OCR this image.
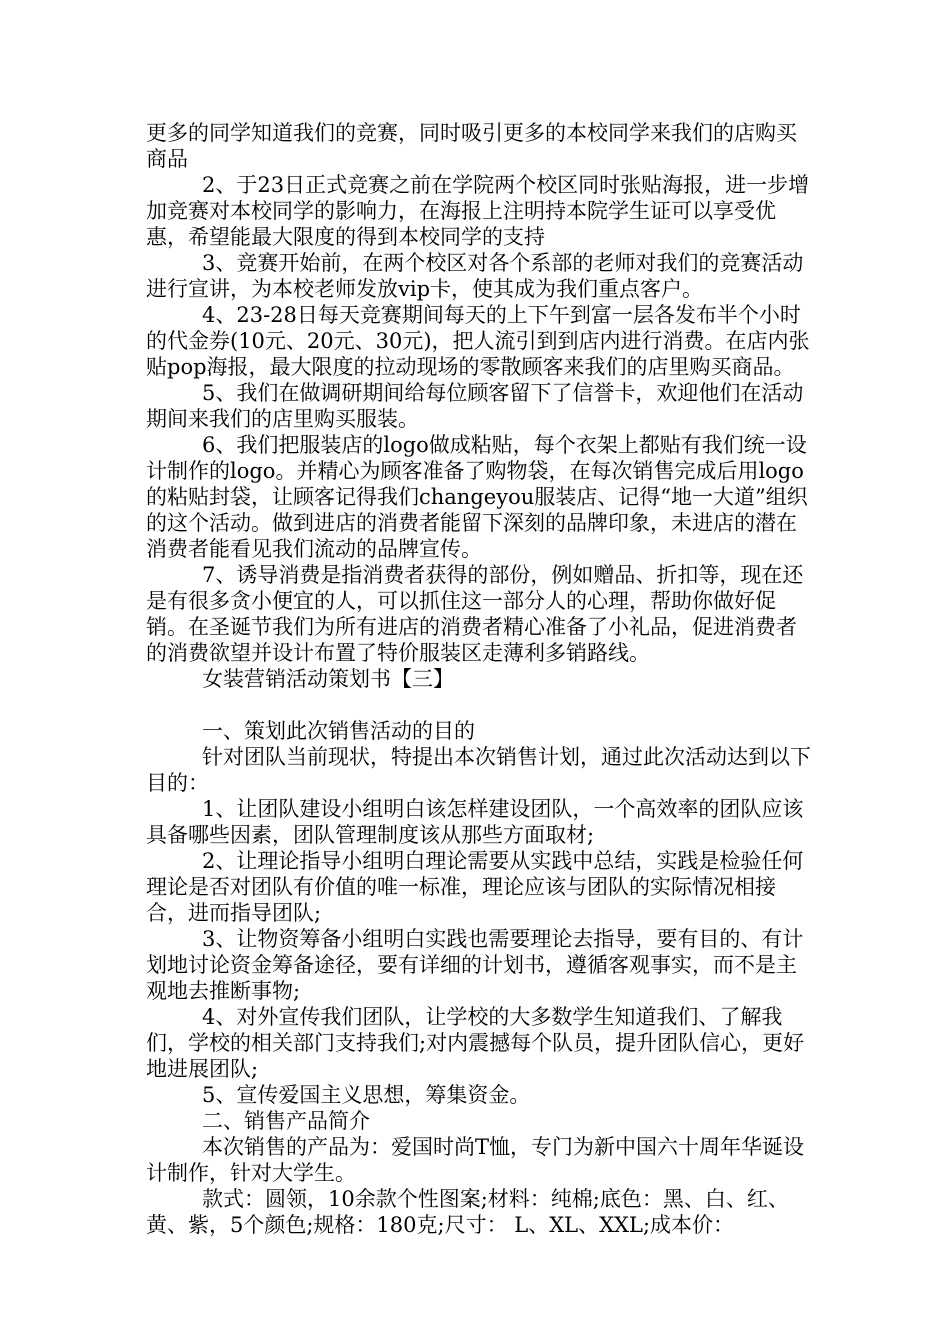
更多的同学知道我们的竞赛，同时吸引更多的本校同学来我们的店购买商品

2、于23日正式竞赛之前在学院两个校区同时张贴海报，进一步增加竞赛对本校同学的影响力，在海报上注明持本院学生证可以享受优惠，希望能最大限度的得到本校同学的支持

3、竞赛开始前，在两个校区对各个系部的老师对我们的竞赛活动进行宣讲，为本校老师发放vip卡，使其成为我们重点客户。

4、23-28日每天竞赛期间每天的上下午到富一层各发布半个小时的代金券(10元、20元、30元)，把人流引到到店内进行消费。在店内张贴pop海报，最大限度的拉动现场的零散顾客来我们的店里购买商品。

5、我们在做调研期间给每位顾客留下了信誉卡，欢迎他们在活动期间来我们的店里购买服装。

6、我们把服装店的logo做成粘贴，每个衣架上都贴有我们统一设计制作的logo。并精心为顾客准备了购物袋，在每次销售完成后用logo的粘贴封袋，让顾客记得我们changeyou服装店、记得“地一大道”组织的这个活动。做到进店的消费者能留下深刻的品牌印象，未进店的潜在消费者能看见我们流动的品牌宣传。

7、诱导消费是指消费者获得的部份，例如赠品、折扣等，现在还是有很多贪小便宜的人，可以抓住这一部分人的心理，帮助你做好促销。在圣诞节我们为所有进店的消费者精心准备了小礼品，促进消费者的消费欲望并设计布置了特价服装区走薄利多销路线。

女装营销活动策划书【三】

一、策划此次销售活动的目的

针对团队当前现状，特提出本次销售计划，通过此次活动达到以下目的：

1、让团队建设小组明白该怎样建设团队，一个高效率的团队应该具备哪些因素，团队管理制度该从那些方面取材;

2、让理论指导小组明白理论需要从实践中总结，实践是检验任何理论是否对团队有价值的唯一标准，理论应该与团队的实际情况相接合，进而指导团队;

3、让物资筹备小组明白实践也需要理论去指导，要有目的、有计划地讨论资金筹备途径，要有详细的计划书，遵循客观事实，而不是主观地去推断事物;

4、对外宣传我们团队，让学校的大多数学生知道我们、了解我们，学校的相关部门支持我们;对内震撼每个队员，提升团队信心，更好地进展团队;

5、宣传爱国主义思想，筹集资金。

二、销售产品简介

本次销售的产品为：爱国时尚T恤，专门为新中国六十周年华诞设计制作，针对大学生。

款式：圆领，10余款个性图案;材料：纯棉;底色：黑、白、红、黄、紫，5个颜色;规格：180克;尺寸： L、XL、XXL;成本价：
